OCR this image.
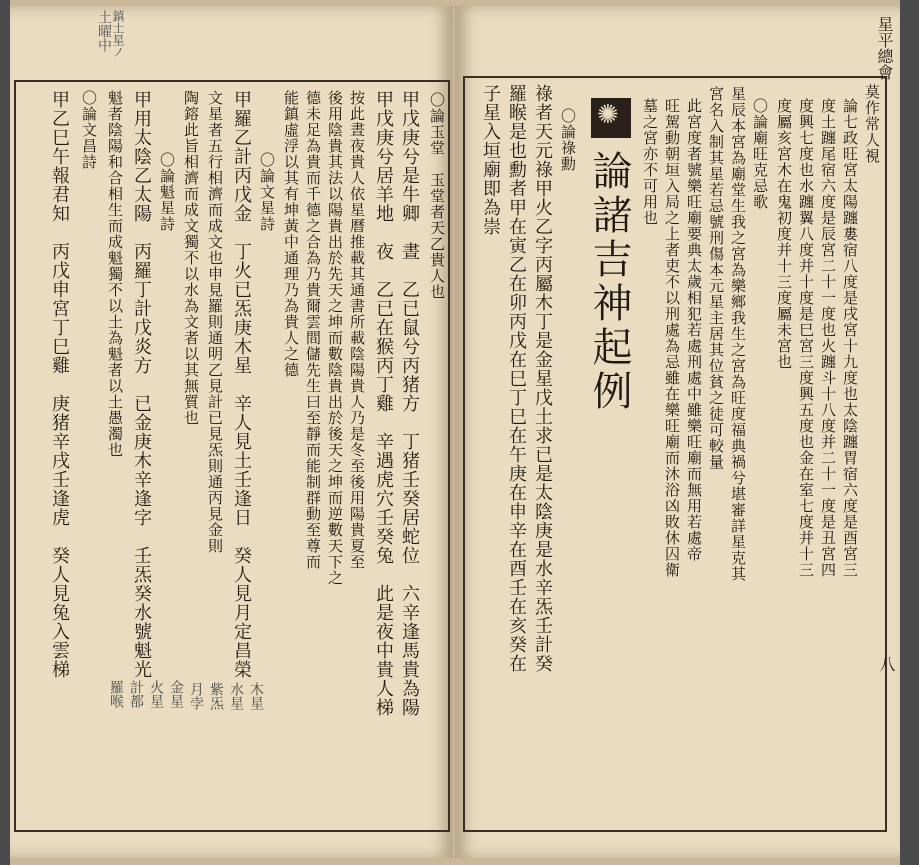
土曜中 鎮土星ノ
〇論玉堂　玉堂者天乙貴人也
甲戊庚兮是牛卿　晝　乙已鼠兮丙猪方　丁猪壬癸居蛇位　六辛逢馬貴為陽
甲戊庚兮居羊地　夜　乙已在猴丙丁雞　辛遇虎穴壬癸兔　此是夜中貴人梯
按此晝夜貴人依星曆推載其通書所載陰陽貴人乃是冬至後用陽貴夏至
後用陰貴其法以陽貴出於先天之坤而數陰貴出於後天之坤而逆數天下之
德未足為貴而千德之合為乃貴爾雲間儲先生曰至靜而能制群動至尊而
能鎮虛浮以其有坤黃中通理乃為貴人之德
〇論文星詩
甲羅乙計丙戊金　丁火已炁庚木星　辛人見土壬逢日　癸人見月定昌榮
文星者五行相濟而成文也申見羅則通明乙見計已見炁則通丙見金則
陶鎔此旨相濟而成文獨不以水為文者以其無質也
〇論魁星詩
甲用太陰乙太陽　丙羅丁計戊炎方　已金庚木辛逢字　壬炁癸水號魁光
魁者陰陽和合相生而成魁獨不以土為魁者以土愚濁也
〇論文昌詩
甲乙巳午報君知　丙戊申宮丁巳雞　庚猪辛戌壬逢虎　癸人見兔入雲梯
羅喉 計都 火星 金星 月孛 紫炁 水星 木星
莫作常人視
論七政旺宮太陽躔婁宿八度是戌宮十九度也太陰躔胃宿六度是酉宮三
度土躔尾宿六度是辰宮二十一度也火躔斗十八度并二十一度是丑宮四
度興七度也水躔翼八度并十度是巳宮三度興五度也金在室七度并十三
度屬亥宮木在鬼初度并十三度屬未宮也
〇論廟旺克忌歌
星辰本宮為廟堂生我之宮為樂鄉我生之宮為旺度福典禍兮堪審詳星克其
宮名入制其星若忌號刑傷本元星主居其位貧之徒可較量
此宮度者號樂旺廟要典太歲相犯若處刑處中雖樂旺廟而無用若處帝
旺駕動朝垣入局之上者吏不以刑處為忌雖在樂旺廟而沐浴凶敗休囚衛
墓之宮亦不可用也
✺
論諸吉神起例
〇論祿勳
祿者天元祿甲火乙字丙屬木丁是金星戊土求已是太陰庚是水辛炁壬計癸
羅睺是也勳者甲在寅乙在卯丙戊在巳丁巳在午庚在申辛在酉壬在亥癸在
子星入垣廟即為崇
星平總會
八
